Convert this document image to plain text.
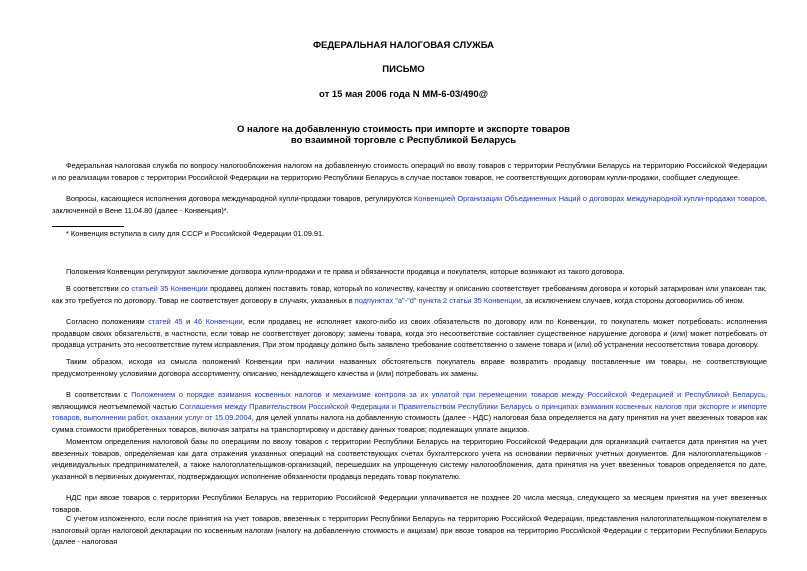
ФЕДЕРАЛЬНАЯ НАЛОГОВАЯ СЛУЖБА
ПИСЬМО
от 15 мая 2006 года N ММ-6-03/490@
О налоге на добавленную стоимость при импорте и экспорте товаров
во взаимной торговле с Республикой Беларусь
Федеральная налоговая служба по вопросу налогообложения налогом на добавленную стоимость операций по ввозу товаров с территории Республики Беларусь на территорию Российской Федерации и по реализации товаров с территории Российской Федерации на территорию Республики Беларусь в случае поставок товаров, не соответствующих договорам купли-продажи, сообщает следующее.
Вопросы, касающиеся исполнения договора международной купли-продажи товаров, регулируются Конвенцией Организации Объединенных Наций о договорах международной купли-продажи товаров, заключенной в Вене 11.04.80 (далее - Конвенция)*.
* Конвенция вступила в силу для СССР и Российской Федерации 01.09.91.
Положения Конвенции регулируют заключение договора купли-продажи и те права и обязанности продавца и покупателя, которые возникают из такого договора.
В соответствии со статьей 35 Конвенции продавец должен поставить товар, который по количеству, качеству и описанию соответствует требованиям договора и который затарирован или упакован так, как это требуется по договору. Товар не соответствует договору в случаях, указанных в подпунктах "а"-"d" пункта 2 статьи 35 Конвенции, за исключением случаев, когда стороны договорились об ином.
Согласно положениям статей 45 и 46 Конвенции, если продавец не исполняет какого-либо из своих обязательств по договору или по Конвенции, то покупатель может потребовать: исполнения продавцом своих обязательств, в частности, если товар не соответствует договору; замены товара, когда это несоответствие составляет существенное нарушение договора и (или) может потребовать от продавца устранить это несоответствие путем исправления. При этом продавцу должно быть заявлено требование соответственно о замене товара и (или) об устранении несоответствия товара договору.
Таким образом, исходя из смысла положений Конвенции при наличии названных обстоятельств покупатель вправе возвратить продавцу поставленные им товары, не соответствующие предусмотренному условиями договора ассортименту, описанию, ненадлежащего качества и (или) потребовать их замены.
В соответствии с Положением о порядке взимания косвенных налогов и механизме контроля за их уплатой при перемещении товаров между Российской Федерацией и Республикой Беларусь, являющимся неотъемлемой частью Соглашения между Правительством Российской Федерации и Правительством Республики Беларусь о принципах взимания косвенных налогов при экспорте и импорте товаров, выполнении работ, оказании услуг от 15.09.2004, для целей уплаты налога на добавленную стоимость (далее - НДС) налоговая база определяется на дату принятия на учет ввезенных товаров как сумма стоимости приобретенных товаров, включая затраты на транспортировку и доставку данных товаров; подлежащих уплате акцизов.
Моментом определения налоговой базы по операциям по ввозу товаров с территории Республики Беларусь на территорию Российской Федерации для организаций считается дата принятия на учет ввезенных товаров, определяемая как дата отражения указанных операций на соответствующих счетах бухгалтерского учета на основании первичных учетных документов. Для налогоплательщиков - индивидуальных предпринимателей, а также налогоплательщиков-организаций, перешедших на упрощенную систему налогообложения, дата принятия на учет ввезенных товаров определяется по дате, указанной в первичных документах, подтверждающих исполнение обязанности продавца передать товар покупателю.
НДС при ввозе товаров с территории Республики Беларусь на территорию Российской Федерации уплачивается не позднее 20 числа месяца, следующего за месяцем принятия на учет ввезенных товаров.
С учетом изложенного, если после принятия на учет товаров, ввезенных с территории Республики Беларусь на территорию Российской Федерации, представления налогоплательщиком-покупателем в налоговый орган налоговой декларации по косвенным налогам (налогу на добавленную стоимость и акцизам) при ввозе товаров на территорию Российской Федерации с территории Республики Беларусь (далее - налоговая
